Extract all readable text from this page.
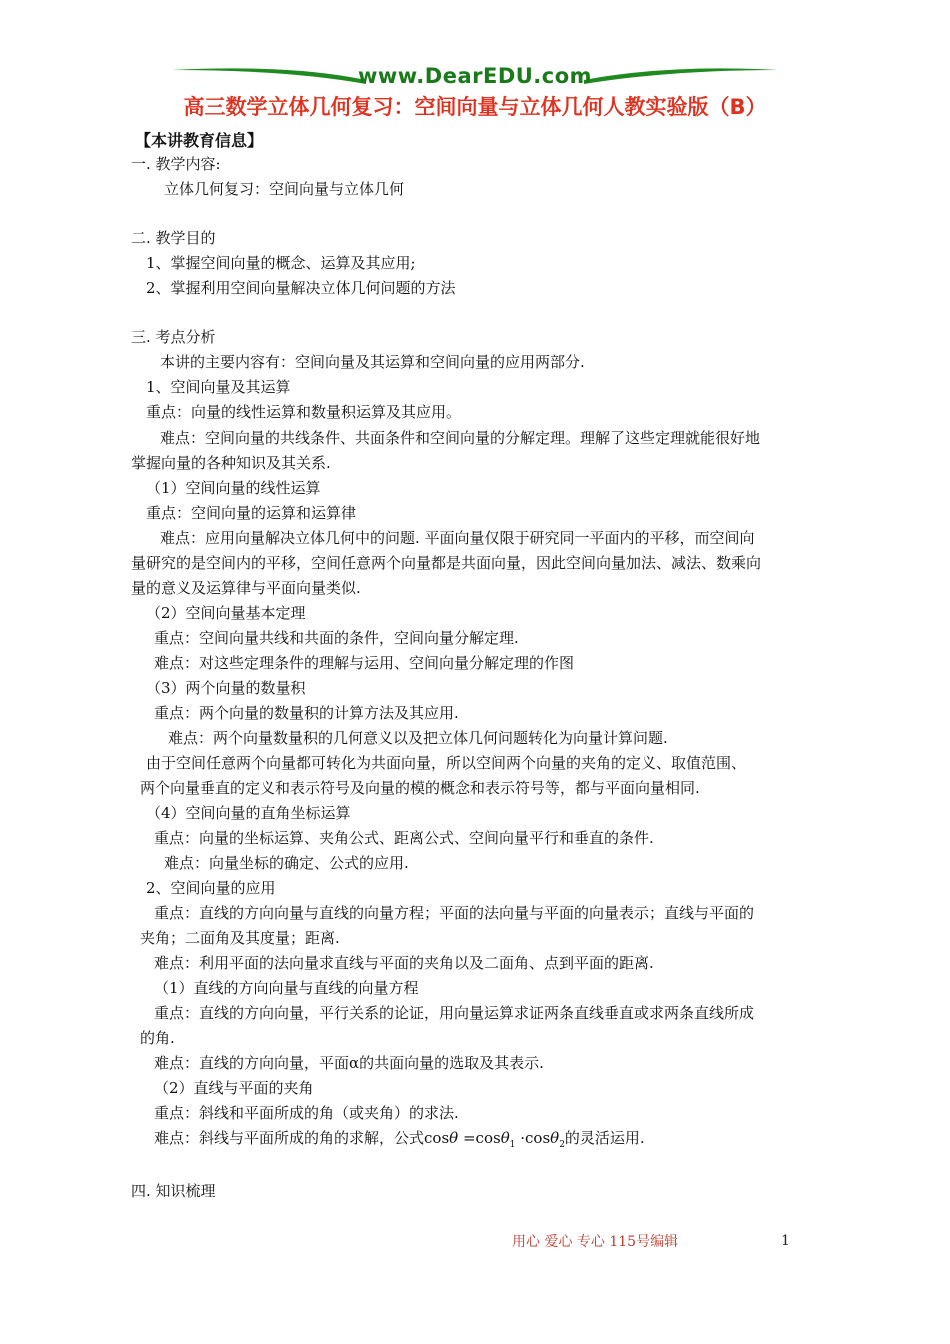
www.DearEDU.com
高三数学立体几何复习：空间向量与立体几何人教实验版（B）
【本讲教育信息】
一. 教学内容:
立体几何复习：空间向量与立体几何
二. 教学目的
1、掌握空间向量的概念、运算及其应用;
2、掌握利用空间向量解决立体几何问题的方法
三. 考点分析
本讲的主要内容有：空间向量及其运算和空间向量的应用两部分.
1、空间向量及其运算
重点：向量的线性运算和数量积运算及其应用。
难点：空间向量的共线条件、共面条件和空间向量的分解定理。理解了这些定理就能很好地
掌握向量的各种知识及其关系.
（1）空间向量的线性运算
重点：空间向量的运算和运算律
难点：应用向量解决立体几何中的问题. 平面向量仅限于研究同一平面内的平移，而空间向
量研究的是空间内的平移，空间任意两个向量都是共面向量，因此空间向量加法、减法、数乘向
量的意义及运算律与平面向量类似.
（2）空间向量基本定理
重点：空间向量共线和共面的条件，空间向量分解定理.
难点：对这些定理条件的理解与运用、空间向量分解定理的作图
（3）两个向量的数量积
重点：两个向量的数量积的计算方法及其应用.
难点：两个向量数量积的几何意义以及把立体几何问题转化为向量计算问题.
由于空间任意两个向量都可转化为共面向量，所以空间两个向量的夹角的定义、取值范围、
两个向量垂直的定义和表示符号及向量的模的概念和表示符号等，都与平面向量相同.
（4）空间向量的直角坐标运算
重点：向量的坐标运算、夹角公式、距离公式、空间向量平行和垂直的条件.
难点：向量坐标的确定、公式的应用.
2、空间向量的应用
重点：直线的方向向量与直线的向量方程；平面的法向量与平面的向量表示；直线与平面的
夹角；二面角及其度量；距离.
难点：利用平面的法向量求直线与平面的夹角以及二面角、点到平面的距离.
（1）直线的方向向量与直线的向量方程
重点：直线的方向向量，平行关系的论证，用向量运算求证两条直线垂直或求两条直线所成
的角.
难点：直线的方向向量，平面α的共面向量的选取及其表示.
（2）直线与平面的夹角
重点：斜线和平面所成的角（或夹角）的求法.
难点：斜线与平面所成的角的求解，公式cosθ =cosθ$_1$ ·cosθ$_2$的灵活运用.
四. 知识梳理
用心 爱心 专心 115号编辑	1
